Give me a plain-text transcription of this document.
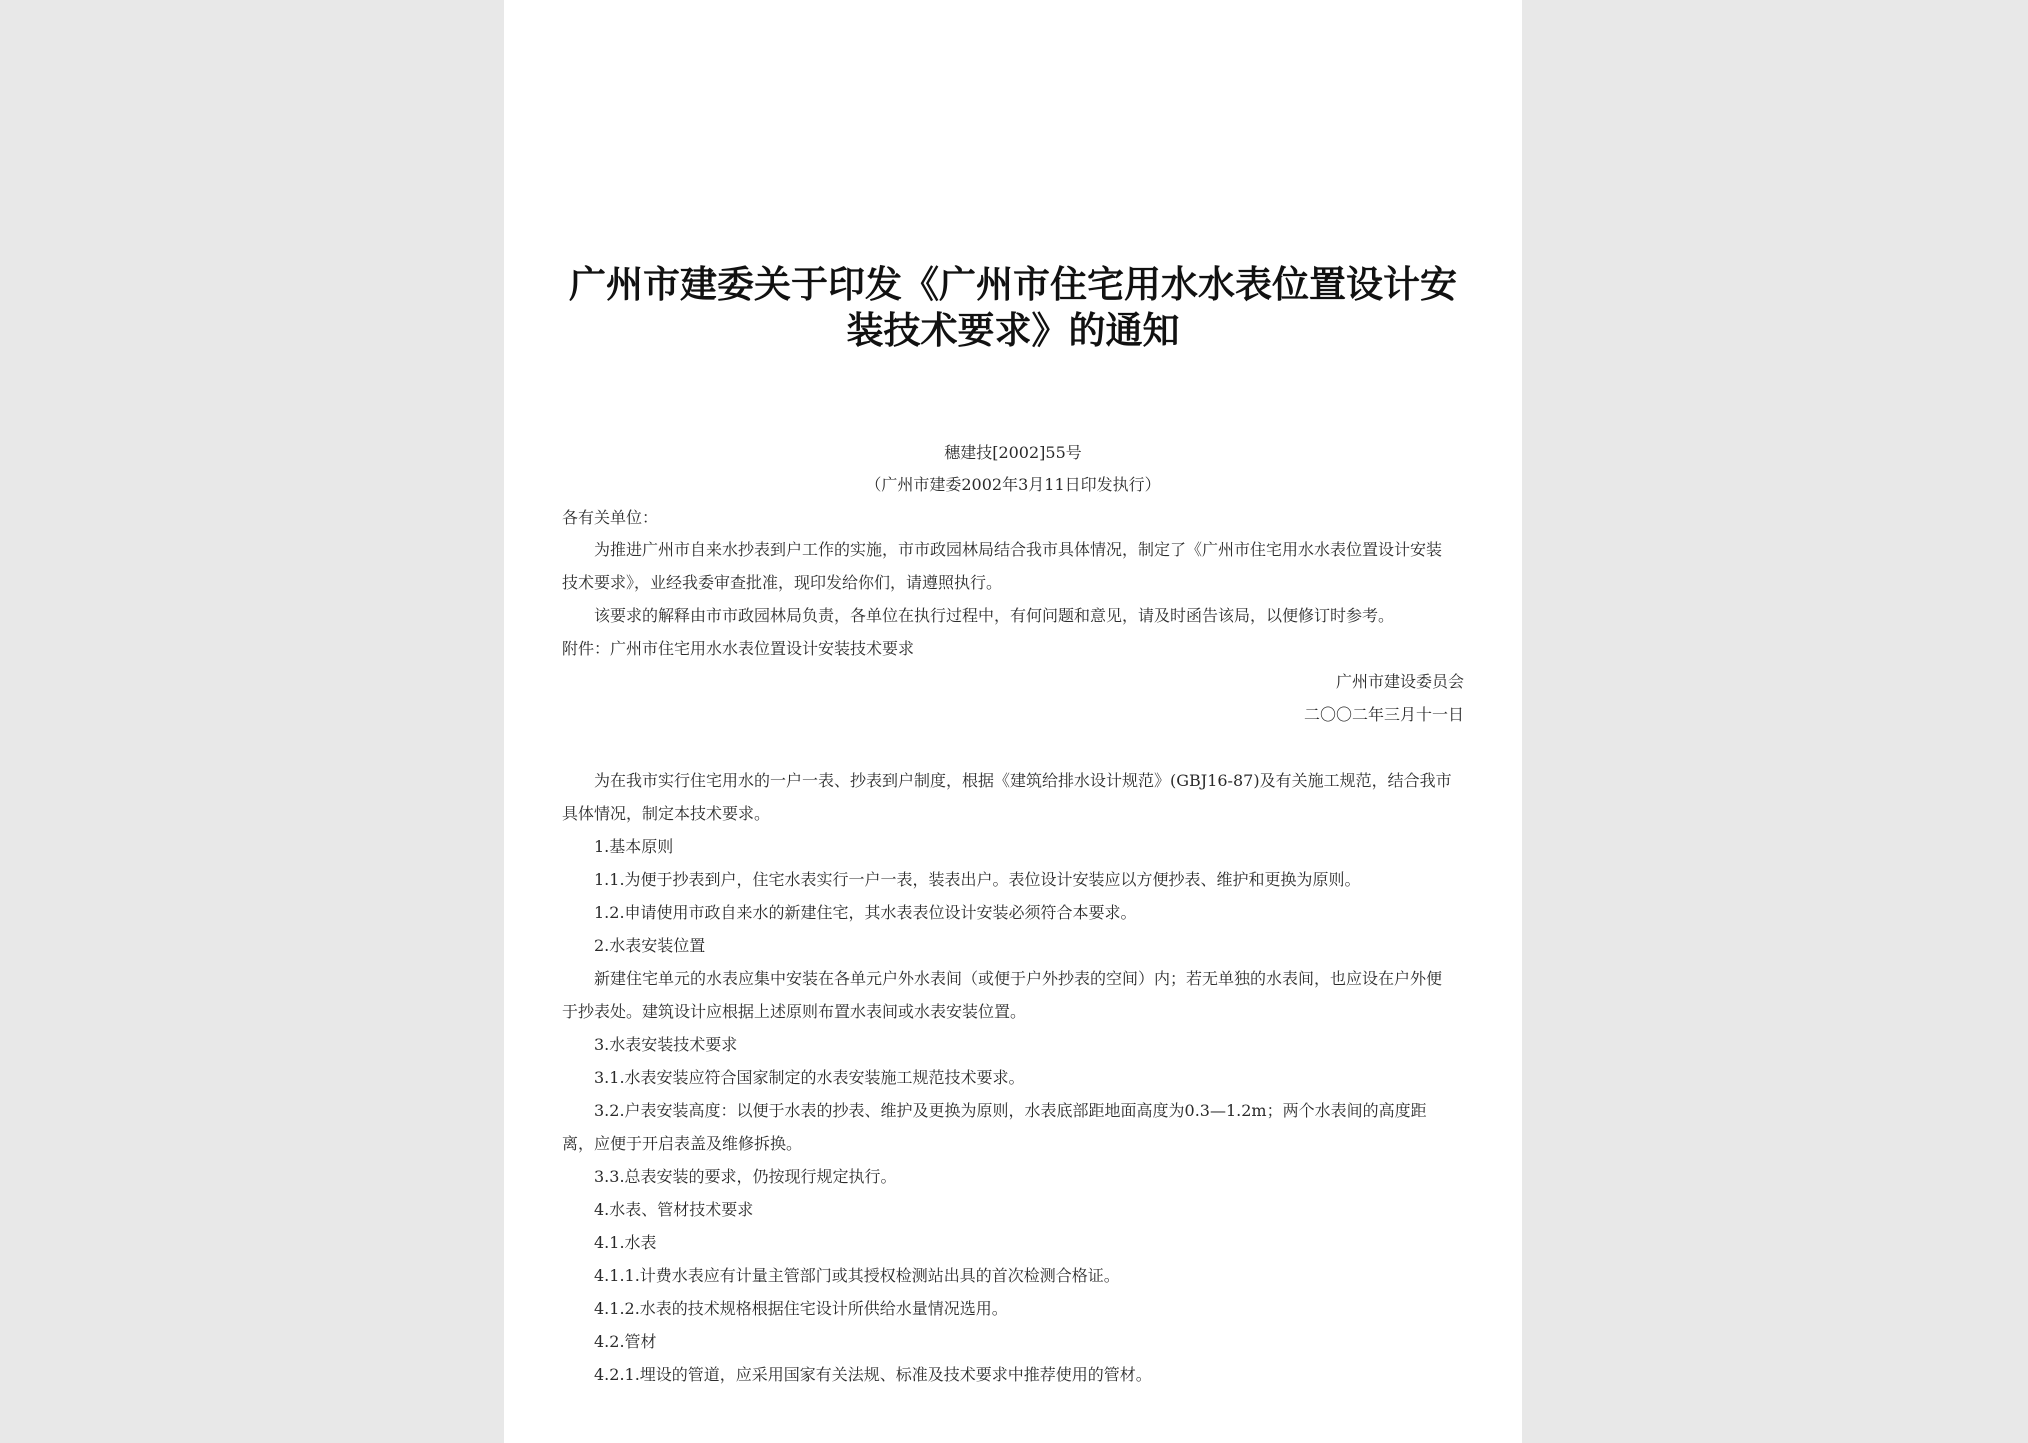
广州市建委关于印发《广州市住宅用水水表位置设计安
装技术要求》的通知
穗建技[2002]55号
（广州市建委2002年3月11日印发执行）
各有关单位：
为推进广州市自来水抄表到户工作的实施，市市政园林局结合我市具体情况，制定了《广州市住宅用水水表位置设计安装
技术要求》，业经我委审查批准，现印发给你们，请遵照执行。
该要求的解释由市市政园林局负责，各单位在执行过程中，有何问题和意见，请及时函告该局，以便修订时参考。
附件：广州市住宅用水水表位置设计安装技术要求
广州市建设委员会
二〇〇二年三月十一日
为在我市实行住宅用水的一户一表、抄表到户制度，根据《建筑给排水设计规范》(GBJ16-87)及有关施工规范，结合我市
具体情况，制定本技术要求。
1.基本原则
1.1.为便于抄表到户，住宅水表实行一户一表，装表出户。表位设计安装应以方便抄表、维护和更换为原则。
1.2.申请使用市政自来水的新建住宅，其水表表位设计安装必须符合本要求。
2.水表安装位置
新建住宅单元的水表应集中安装在各单元户外水表间（或便于户外抄表的空间）内；若无单独的水表间，也应设在户外便
于抄表处。建筑设计应根据上述原则布置水表间或水表安装位置。
3.水表安装技术要求
3.1.水表安装应符合国家制定的水表安装施工规范技术要求。
3.2.户表安装高度：以便于水表的抄表、维护及更换为原则，水表底部距地面高度为0.3—1.2m；两个水表间的高度距
离，应便于开启表盖及维修拆换。
3.3.总表安装的要求，仍按现行规定执行。
4.水表、管材技术要求
4.1.水表
4.1.1.计费水表应有计量主管部门或其授权检测站出具的首次检测合格证。
4.1.2.水表的技术规格根据住宅设计所供给水量情况选用。
4.2.管材
4.2.1.埋设的管道，应采用国家有关法规、标准及技术要求中推荐使用的管材。
